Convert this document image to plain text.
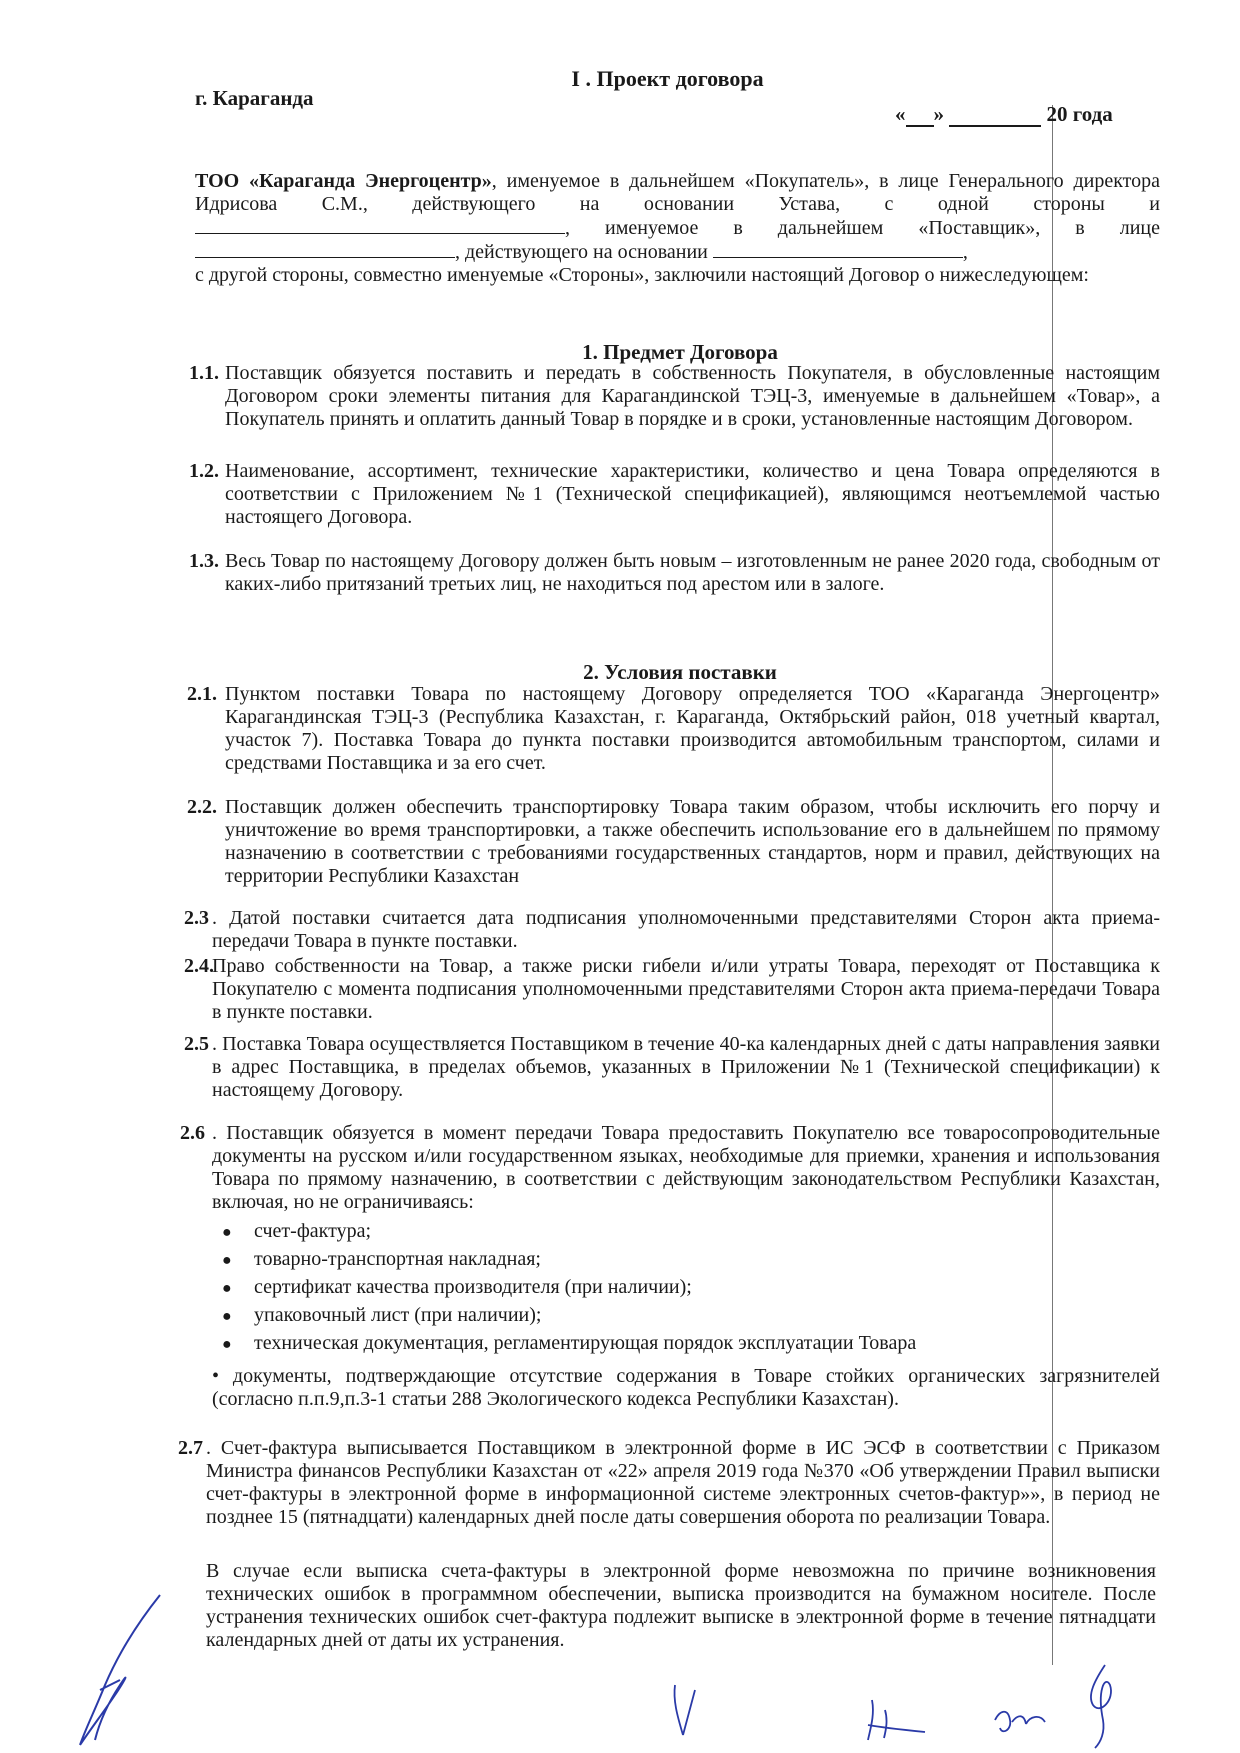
І . Проект договора
г. Караганда
« »	20 года
ТОО «Караганда Энергоцентр», именуемое в дальнейшем «Покупатель», в лице Генерального директора Идрисова С.М., действующего на основании Устава, с одной стороны и , именуемое в дальнейшем «Поставщик», в лице , действующего на основании	,
с другой стороны, совместно именуемые «Стороны», заключили настоящий Договор о нижеследующем:
1. Предмет Договора
1.1. Поставщик обязуется поставить и передать в собственность Покупателя, в обусловленные настоящим Договором сроки элементы питания для Карагандинской ТЭЦ-3, именуемые в дальнейшем «Товар», а Покупатель принять и оплатить данный Товар в порядке и в сроки, установленные настоящим Договором.
1.2. Наименование, ассортимент, технические характеристики, количество и цена Товара определяются в соответствии с Приложением №1 (Технической спецификацией), являющимся неотъемлемой частью настоящего Договора.
1.3. Весь Товар по настоящему Договору должен быть новым – изготовленным не ранее 2020 года, свободным от каких-либо притязаний третьих лиц, не находиться под арестом или в залоге.
2. Условия поставки
2.1. Пунктом поставки Товара по настоящему Договору определяется ТОО «Караганда Энергоцентр» Карагандинская ТЭЦ-3 (Республика Казахстан, г. Караганда, Октябрьский район, 018 учетный квартал, участок 7). Поставка Товара до пункта поставки производится автомобильным транспортом, силами и средствами Поставщика и за его счет.
2.2. Поставщик должен обеспечить транспортировку Товара таким образом, чтобы исключить его порчу и уничтожение во время транспортировки, а также обеспечить использование его в дальнейшем по прямому назначению в соответствии с требованиями государственных стандартов, норм и правил, действующих на территории Республики Казахстан
2.3 . Датой поставки считается дата подписания уполномоченными представителями Сторон акта приема-передачи Товара в пункте поставки.
2.4.
Право собственности на Товар, а также риски гибели и/или утраты Товара, переходят от Поставщика к Покупателю с момента подписания уполномоченными представителями Сторон акта приема-передачи Товара в пункте поставки.
2.5 . Поставка Товара осуществляется Поставщиком в течение 40-ка календарных дней с даты направления заявки в адрес Поставщика, в пределах объемов, указанных в Приложении №1 (Технической спецификации) к настоящему Договору.
2.6 . Поставщик обязуется в момент передачи Товара предоставить Покупателю все товаросопроводительные документы на русском и/или государственном языках, необходимые для приемки, хранения и использования Товара по прямому назначению, в соответствии с действующим законодательством Республики Казахстан, включая, но не ограничиваясь:
●	счет-фактура;
●	товарно-транспортная накладная;
●	сертификат качества производителя (при наличии);
●	упаковочный лист (при наличии);
●	техническая документация, регламентирующая порядок эксплуатации Товара
• документы, подтверждающие отсутствие содержания в Товаре стойких органических загрязнителей (согласно п.п.9,п.3-1 статьи 288 Экологического кодекса Республики Казахстан).
2.7 . Счет-фактура выписывается Поставщиком в электронной форме в ИС ЭСФ в соответствии с Приказом Министра финансов Республики Казахстан от «22» апреля 2019 года №370 «Об утверждении Правил выписки счет-фактуры в электронной форме в информационной системе электронных счетов-фактур»», в период не позднее 15 (пятнадцати) календарных дней после даты совершения оборота по реализации Товара.
В случае если выписка счета-фактуры в электронной форме невозможна по причине возникновения технических ошибок в программном обеспечении, выписка производится на бумажном носителе. После устранения технических ошибок счет-фактура подлежит выписке в электронной форме в течение пятнадцати календарных дней от даты их устранения.
